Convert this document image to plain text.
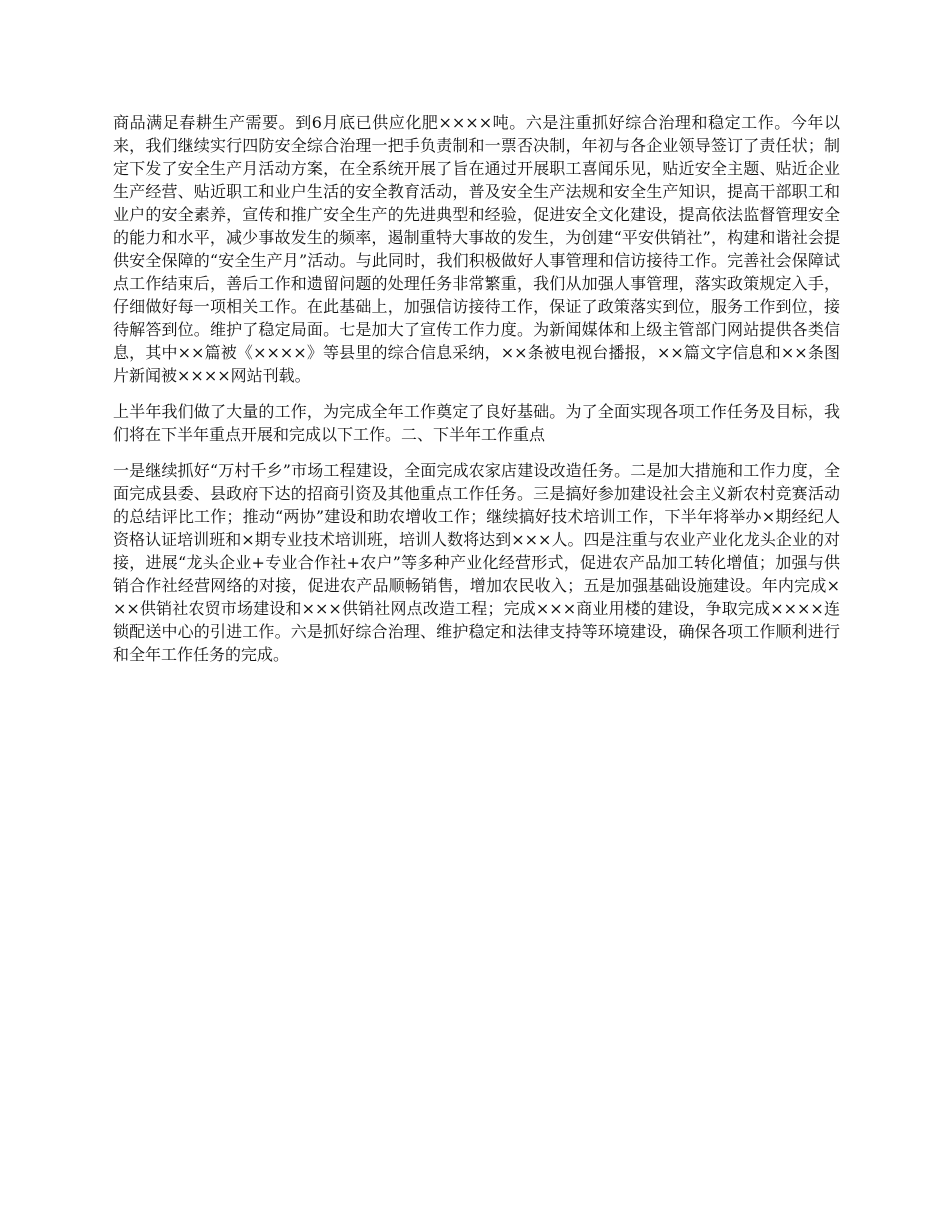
商品满足春耕生产需要。到6月底已供应化肥××××吨。六是注重抓好综合治理和稳定工作。今年以来，我们继续实行四防安全综合治理一把手负责制和一票否决制，年初与各企业领导签订了责任状；制定下发了安全生产月活动方案，在全系统开展了旨在通过开展职工喜闻乐见，贴近安全主题、贴近企业生产经营、贴近职工和业户生活的安全教育活动，普及安全生产法规和安全生产知识，提高干部职工和业户的安全素养，宣传和推广安全生产的先进典型和经验，促进安全文化建设，提高依法监督管理安全的能力和水平，减少事故发生的频率，遏制重特大事故的发生，为创建“平安供销社”，构建和谐社会提供安全保障的“安全生产月”活动。与此同时，我们积极做好人事管理和信访接待工作。完善社会保障试点工作结束后，善后工作和遗留问题的处理任务非常繁重，我们从加强人事管理，落实政策规定入手，仔细做好每一项相关工作。在此基础上，加强信访接待工作，保证了政策落实到位，服务工作到位，接待解答到位。维护了稳定局面。七是加大了宣传工作力度。为新闻媒体和上级主管部门网站提供各类信息，其中××篇被《××××》等县里的综合信息采纳，××条被电视台播报，××篇文字信息和××条图片新闻被××××网站刊载。

上半年我们做了大量的工作，为完成全年工作奠定了良好基础。为了全面实现各项工作任务及目标，我们将在下半年重点开展和完成以下工作。二、下半年工作重点

一是继续抓好“万村千乡”市场工程建设，全面完成农家店建设改造任务。二是加大措施和工作力度，全面完成县委、县政府下达的招商引资及其他重点工作任务。三是搞好参加建设社会主义新农村竞赛活动的总结评比工作；推动“两协”建设和助农增收工作；继续搞好技术培训工作，下半年将举办×期经纪人资格认证培训班和×期专业技术培训班，培训人数将达到×××人。四是注重与农业产业化龙头企业的对接，进展“龙头企业+专业合作社+农户”等多种产业化经营形式，促进农产品加工转化增值；加强与供销合作社经营网络的对接，促进农产品顺畅销售，增加农民收入；五是加强基础设施建设。年内完成×××供销社农贸市场建设和×××供销社网点改造工程；完成×××商业用楼的建设，争取完成××××连锁配送中心的引进工作。六是抓好综合治理、维护稳定和法律支持等环境建设，确保各项工作顺利进行和全年工作任务的完成。
